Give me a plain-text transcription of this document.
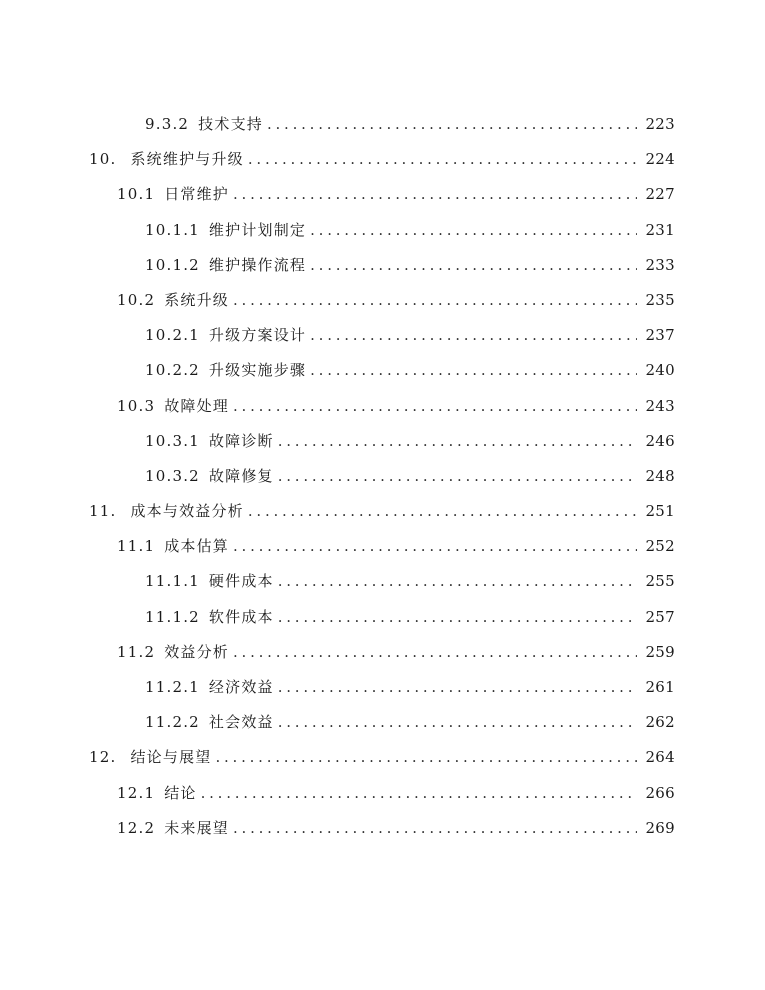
9.3.2 技术支持 . . .	223
10. 系统维护与升级 . . .	224
10.1 日常维护 . . .	227
10.1.1 维护计划制定 . . .	231
10.1.2 维护操作流程 . . .	233
10.2 系统升级 . . .	235
10.2.1 升级方案设计 . . .	237
10.2.2 升级实施步骤 . . .	240
10.3 故障处理 . . .	243
10.3.1 故障诊断 . . .	246
10.3.2 故障修复 . . .	248
11. 成本与效益分析 . . .	251
11.1 成本估算 . . .	252
11.1.1 硬件成本 . . .	255
11.1.2 软件成本 . . .	257
11.2 效益分析 . . .	259
11.2.1 经济效益 . . .	261
11.2.2 社会效益 . . .	262
12. 结论与展望 . . .	264
12.1 结论 . . .	266
12.2 未来展望 . . .	269
